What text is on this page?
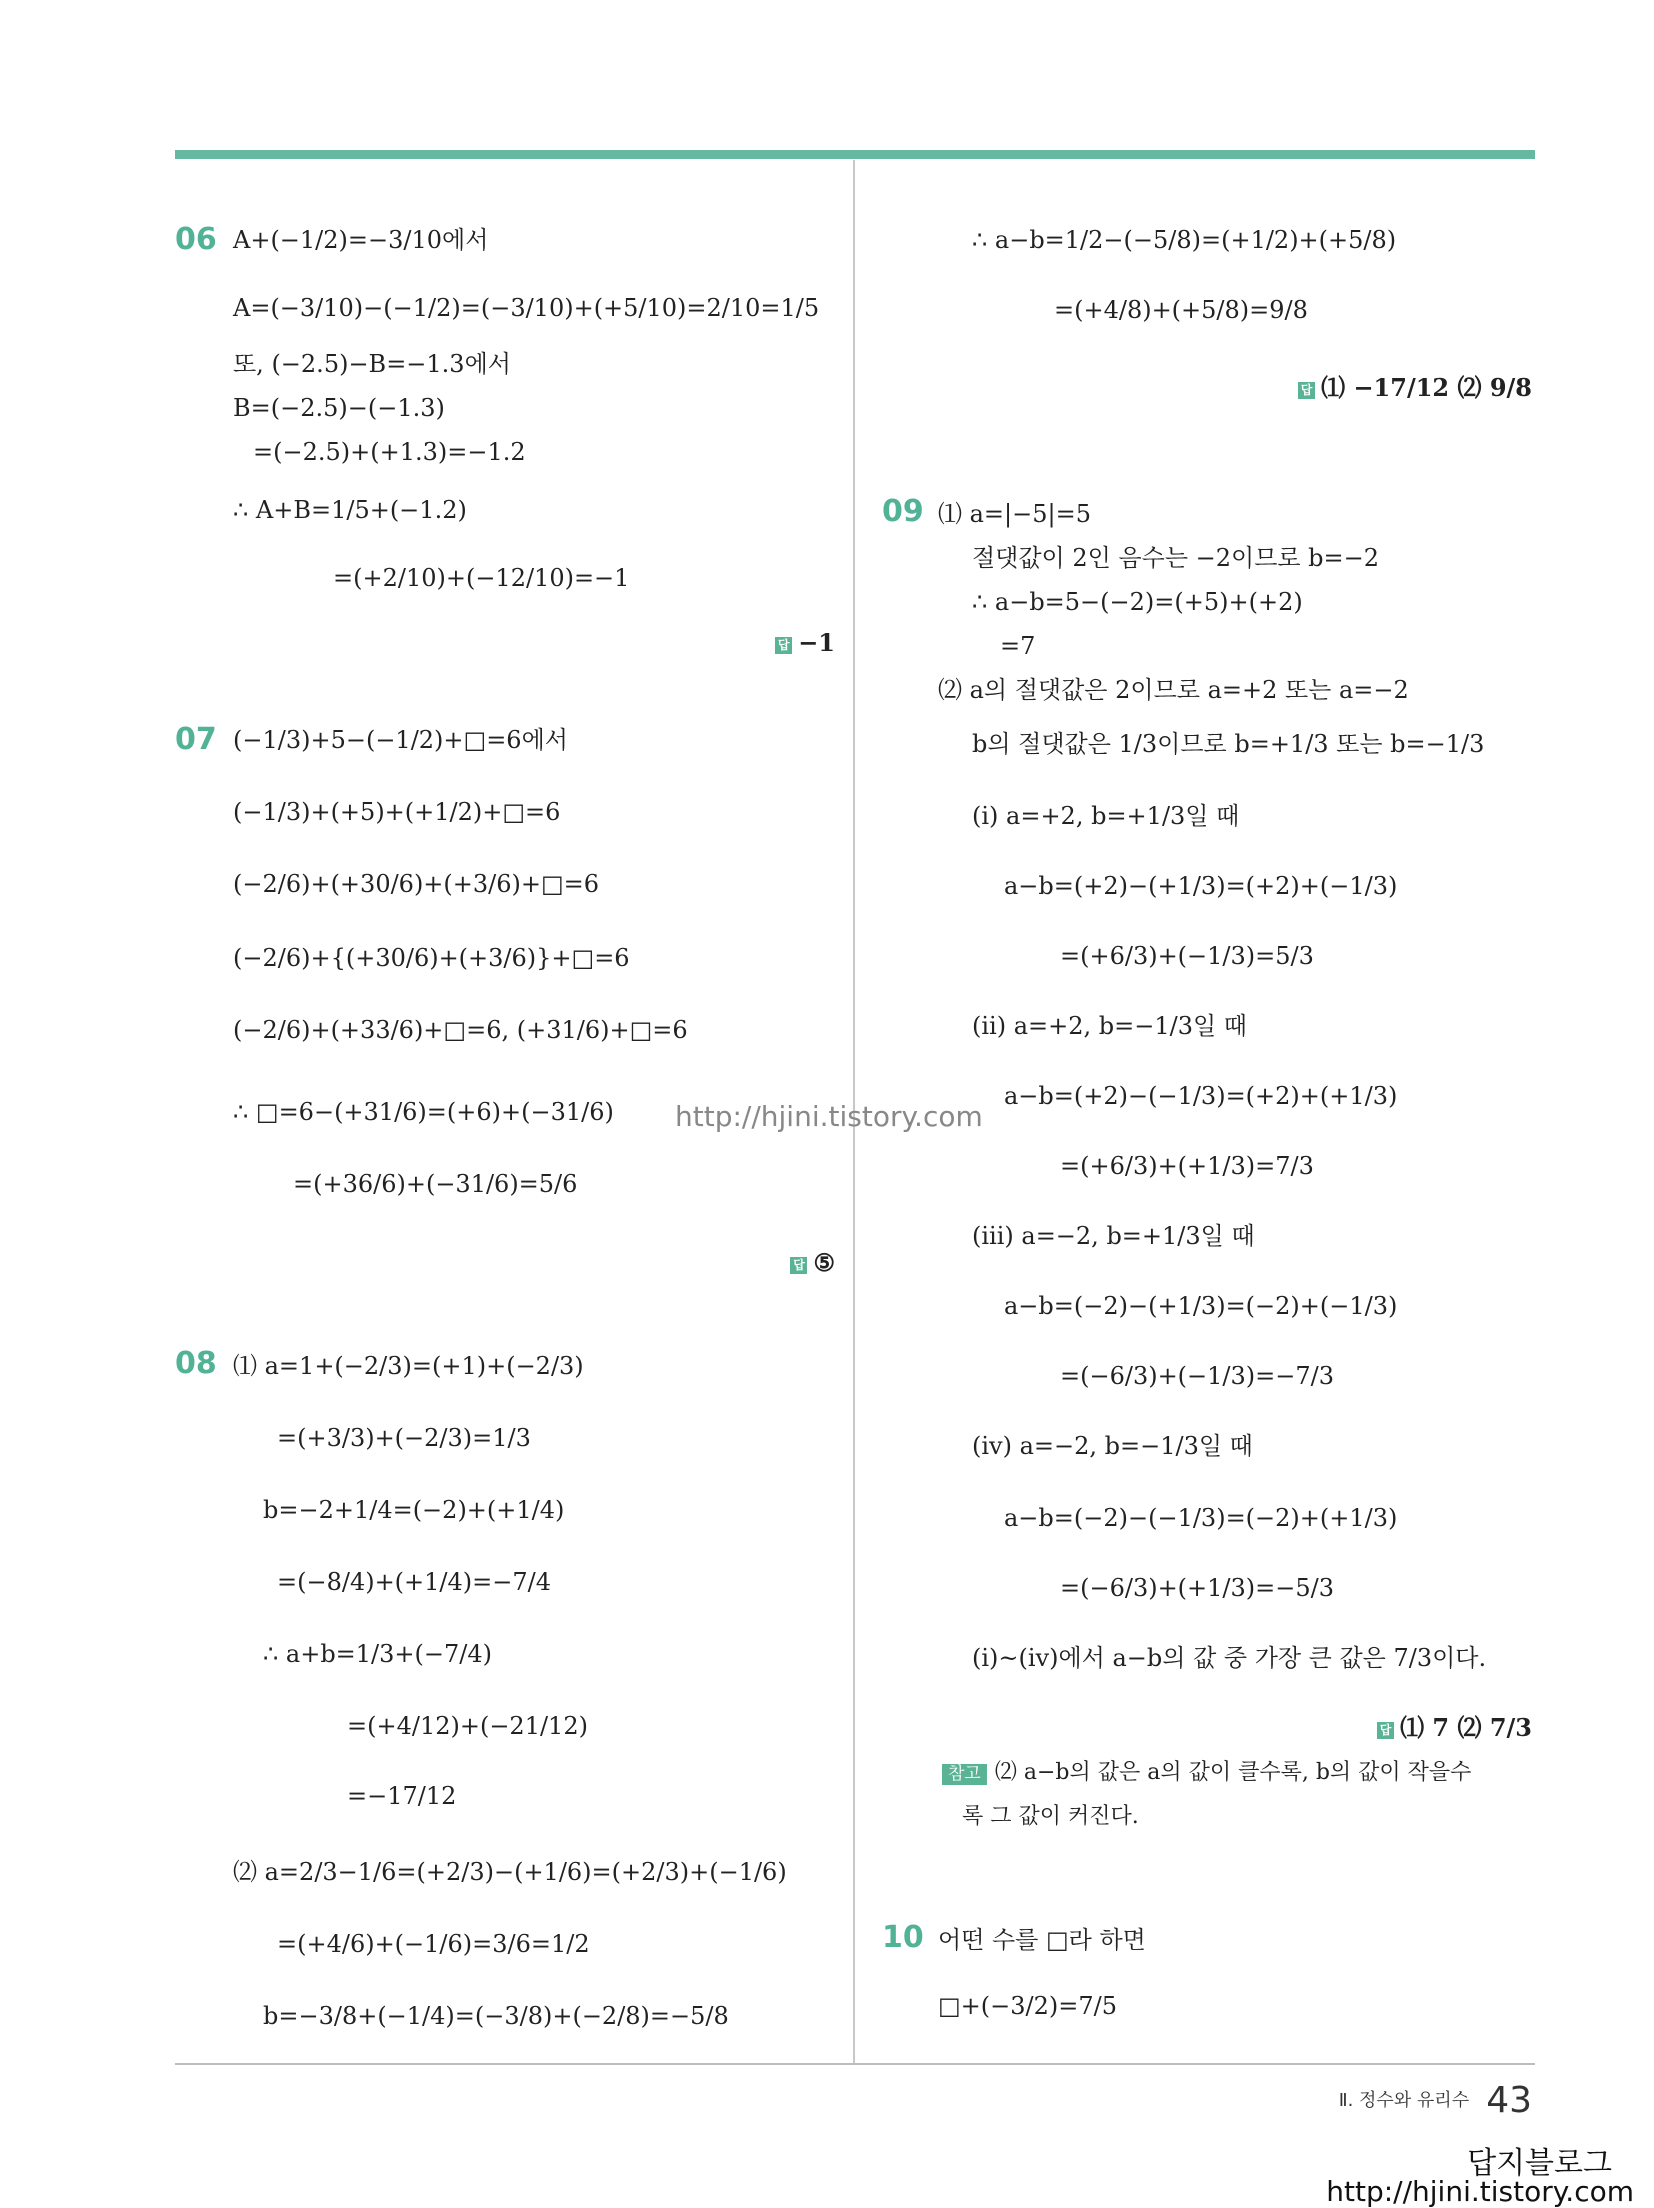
06 A+(−1/2)=−3/10에서
A=(−3/10)−(−1/2)=(−3/10)+(+5/10)=2/10=1/5
또, (−2.5)−B=−1.3에서
B=(−2.5)−(−1.3)
=(−2.5)+(+1.3)=−1.2
∴ A+B=1/5+(−1.2)
=(+2/10)+(−12/10)=−1
답 −1
07 (−1/3)+5−(−1/2)+□=6에서
(−1/3)+(+5)+(+1/2)+□=6
(−2/6)+(+30/6)+(+3/6)+□=6
(−2/6)+{(+30/6)+(+3/6)}+□=6
(−2/6)+(+33/6)+□=6, (+31/6)+□=6
∴ □=6−(+31/6)=(+6)+(−31/6)
=(+36/6)+(−31/6)=5/6
답 ⑤
08 ⑴ a=1+(−2/3)=(+1)+(−2/3)
=(+3/3)+(−2/3)=1/3
b=−2+1/4=(−2)+(+1/4)
=(−8/4)+(+1/4)=−7/4
∴ a+b=1/3+(−7/4)
=(+4/12)+(−21/12)
=−17/12
⑵ a=2/3−1/6=(+2/3)−(+1/6)=(+2/3)+(−1/6)
=(+4/6)+(−1/6)=3/6=1/2
b=−3/8+(−1/4)=(−3/8)+(−2/8)=−5/8
∴ a−b=1/2−(−5/8)=(+1/2)+(+5/8)
=(+4/8)+(+5/8)=9/8
답 ⑴ −17/12 ⑵ 9/8
09 ⑴ a=|−5|=5
절댓값이 2인 음수는 −2이므로 b=−2
∴ a−b=5−(−2)=(+5)+(+2)
=7
⑵ a의 절댓값은 2이므로 a=+2 또는 a=−2
b의 절댓값은 1/3이므로 b=+1/3 또는 b=−1/3
(ⅰ) a=+2, b=+1/3일 때
a−b=(+2)−(+1/3)=(+2)+(−1/3)
=(+6/3)+(−1/3)=5/3
(ⅱ) a=+2, b=−1/3일 때
a−b=(+2)−(−1/3)=(+2)+(+1/3)
=(+6/3)+(+1/3)=7/3
(ⅲ) a=−2, b=+1/3일 때
a−b=(−2)−(+1/3)=(−2)+(−1/3)
=(−6/3)+(−1/3)=−7/3
(ⅳ) a=−2, b=−1/3일 때
a−b=(−2)−(−1/3)=(−2)+(+1/3)
=(−6/3)+(+1/3)=−5/3
(ⅰ)~(ⅳ)에서 a−b의 값 중 가장 큰 값은 7/3이다.
답 ⑴ 7 ⑵ 7/3
참고 ⑵ a−b의 값은 a의 값이 클수록, b의 값이 작을수
록 그 값이 커진다.
10 어떤 수를 □라 하면
□+(−3/2)=7/5
http://hjini.tistory.com
Ⅱ. 정수와 유리수 43
답지블로그
http://hjini.tistory.com
